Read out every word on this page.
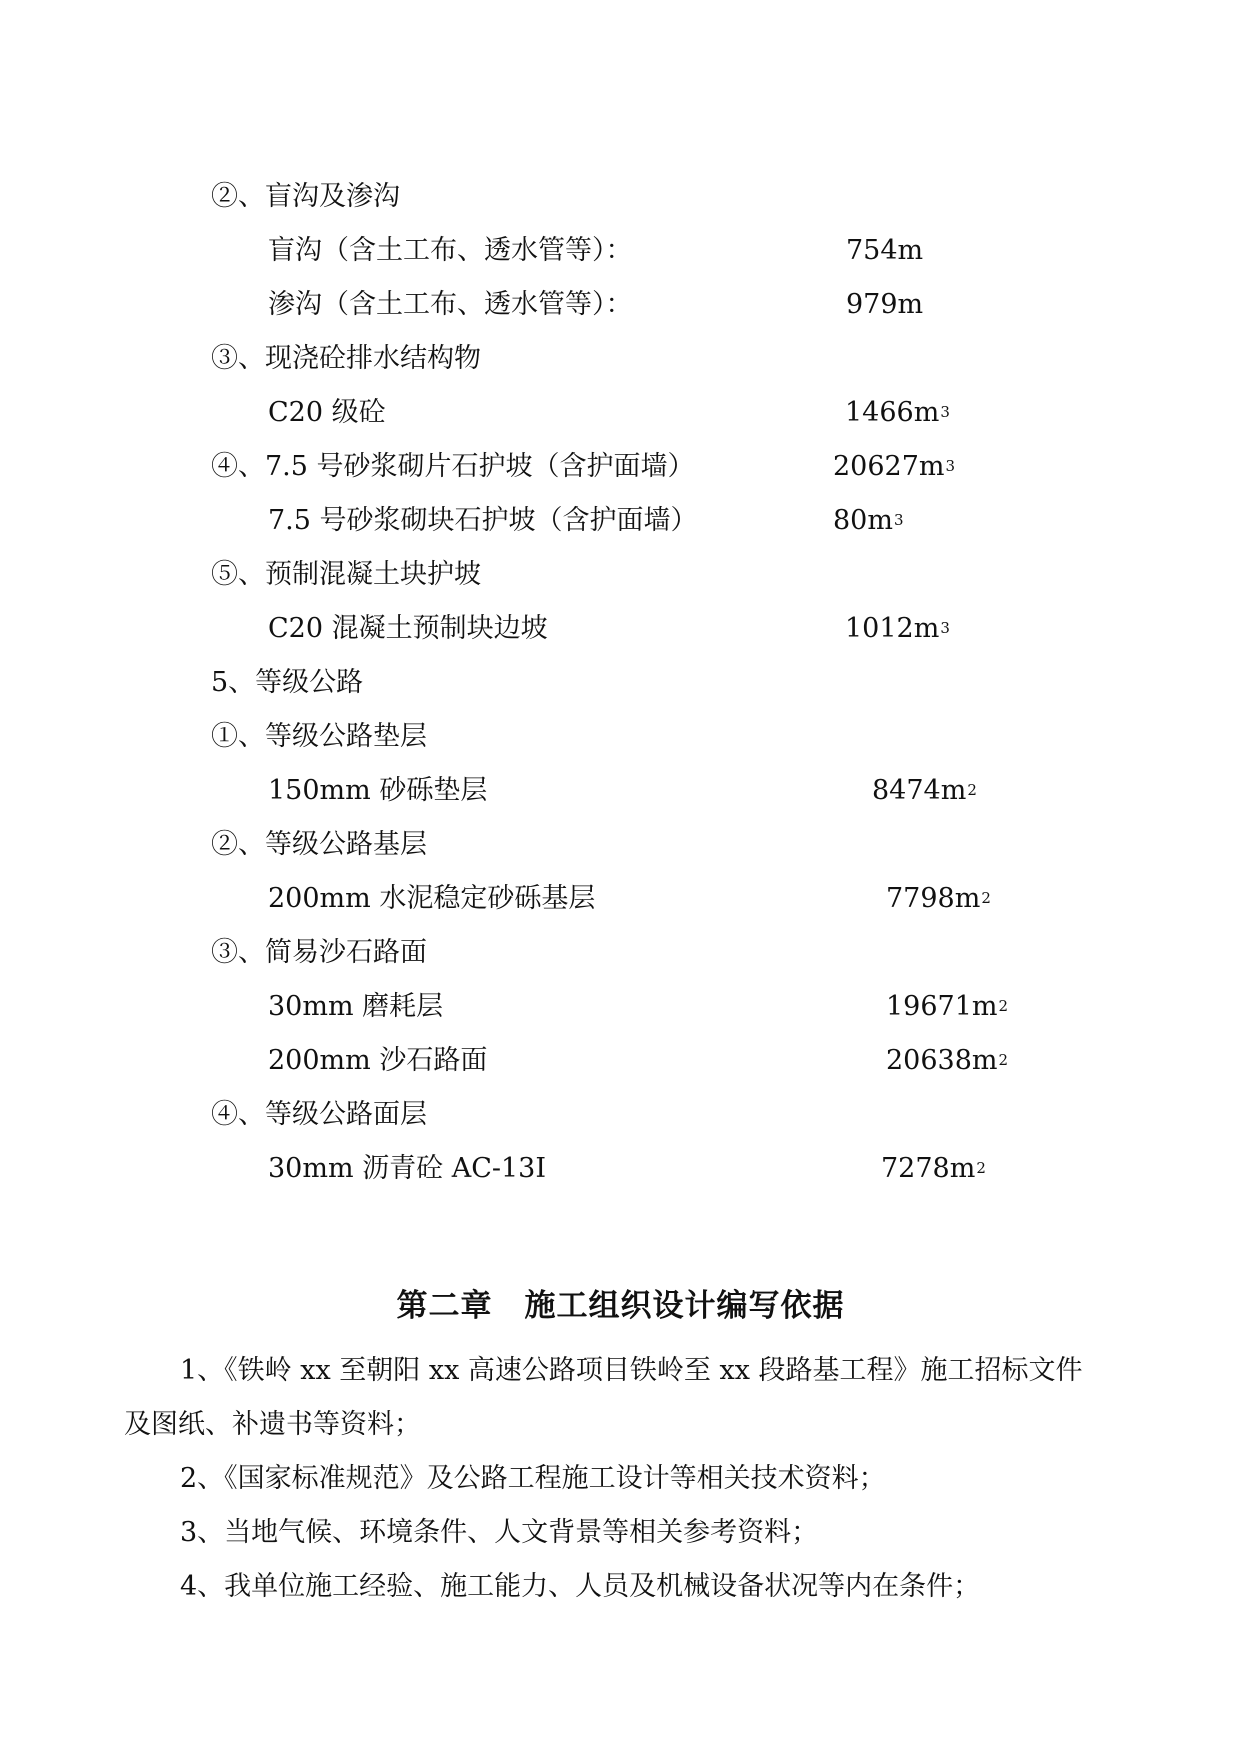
②、盲沟及渗沟
盲沟（含土工布、透水管等）：	754m
渗沟（含土工布、透水管等）：	979m
③、现浇砼排水结构物
C20 级砼	$1466m^3$
④、7.5 号砂浆砌片石护坡（含护面墙）	$20627m^3$
7.5 号砂浆砌块石护坡（含护面墙）	$80m^3$
⑤、预制混凝土块护坡
C20 混凝土预制块边坡	$1012m^3$
5、等级公路
①、等级公路垫层
150mm 砂砾垫层	$8474m^2$
②、等级公路基层
200mm 水泥稳定砂砾基层	$7798m^2$
③、简易沙石路面
30mm 磨耗层	$19671m^2$
200mm 沙石路面	$20638m^2$
④、等级公路面层
30mm 沥青砼 AC-13I	$7278m^2$
第二章　施工组织设计编写依据
1、《铁岭 xx 至朝阳 xx 高速公路项目铁岭至 xx 段路基工程》施工招标文件
及图纸、补遗书等资料；
2、《国家标准规范》及公路工程施工设计等相关技术资料；
3、当地气候、环境条件、人文背景等相关参考资料；
4、我单位施工经验、施工能力、人员及机械设备状况等内在条件；
